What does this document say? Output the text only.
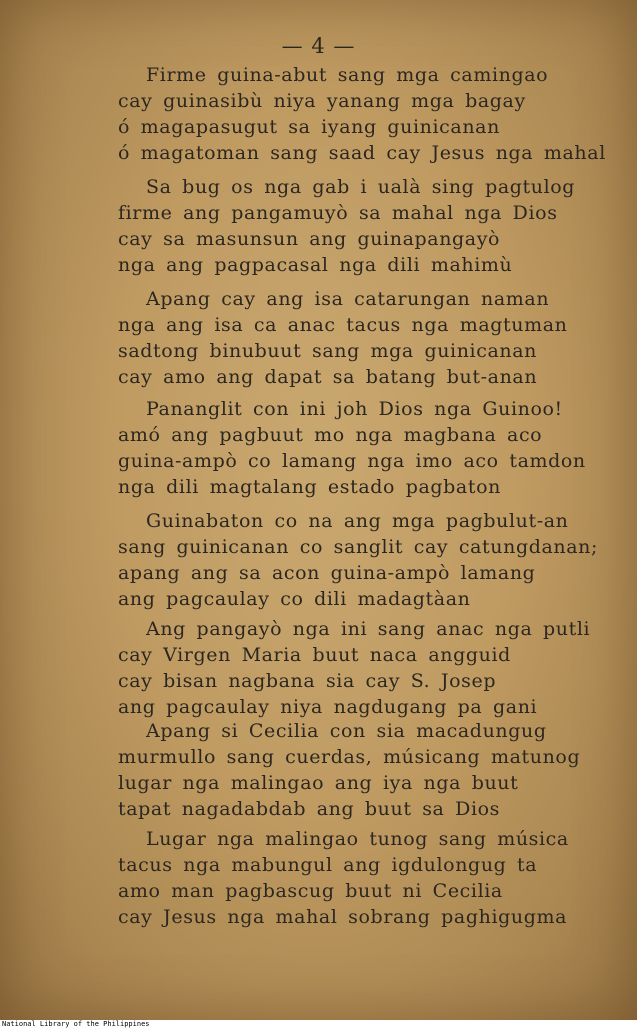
— 4 —
Firme guina-abut sang mga camingao
cay guinasibù niya yanang mga bagay
ó magapasugut sa iyang guinicanan
ó magatoman sang saad cay Jesus nga mahal
Sa bug os nga gab i ualà sing pagtulog
firme ang pangamuyò sa mahal nga Dios
cay sa masunsun ang guinapangayò
nga ang pagpacasal nga dili mahimù
Apang cay ang isa catarungan naman
nga ang isa ca anac tacus nga magtuman
sadtong binubuut sang mga guinicanan
cay amo ang dapat sa batang but-anan
Pananglit con ini joh Dios nga Guinoo!
amó ang pagbuut mo nga magbana aco
guina-ampò co lamang nga imo aco tamdon
nga dili magtalang estado pagbaton
Guinabaton co na ang mga pagbulut-an
sang guinicanan co sanglit cay catungdanan;
apang ang sa acon guina-ampò lamang
ang pagcaulay co dili madagtàan
Ang pangayò nga ini sang anac nga putli
cay Virgen Maria buut naca angguid
cay bisan nagbana sia cay S. Josep
ang pagcaulay niya nagdugang pa gani
Apang si Cecilia con sia macadungug
murmullo sang cuerdas, músicang matunog
lugar nga malingao ang iya nga buut
tapat nagadabdab ang buut sa Dios
Lugar nga malingao tunog sang música
tacus nga mabungul ang igdulongug ta
amo man pagbascug buut ni Cecilia
cay Jesus nga mahal sobrang paghigugma
National Library of the Philippines
